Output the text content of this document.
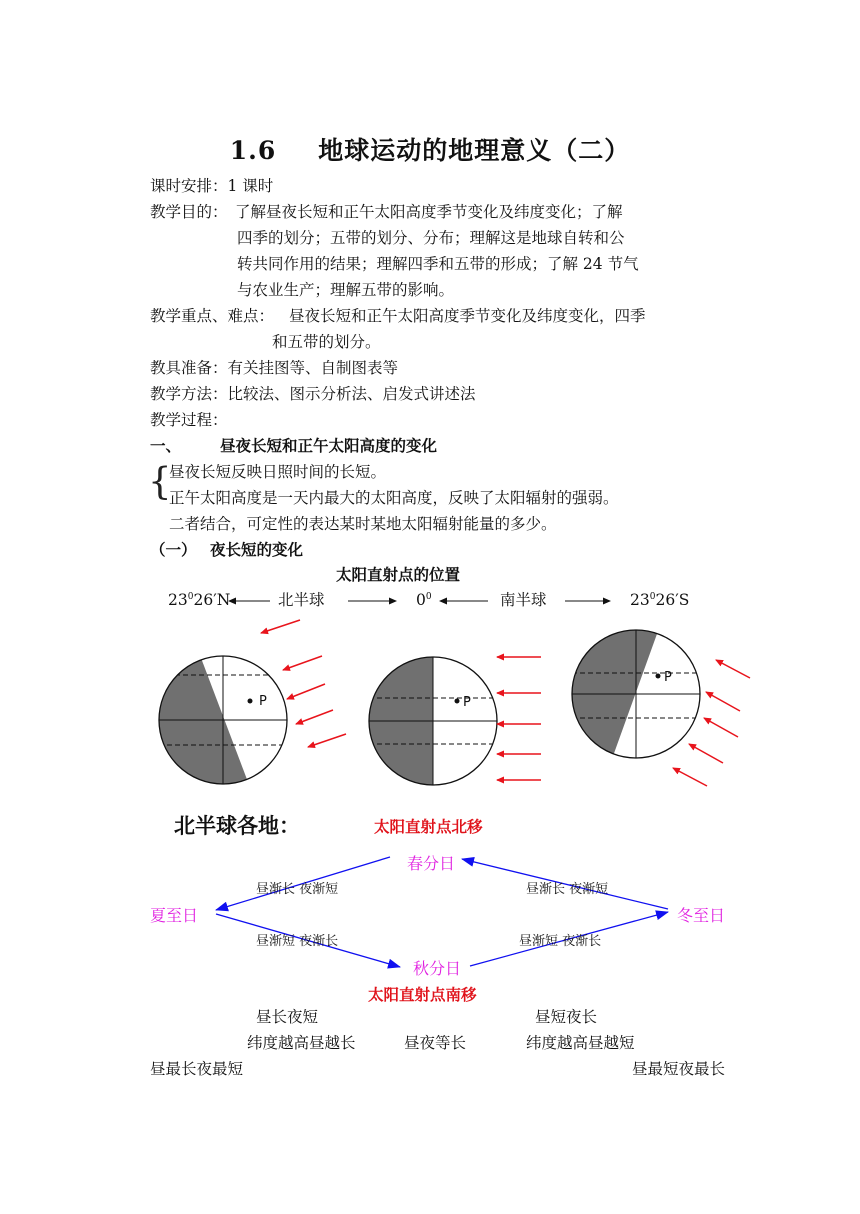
1.6 地球运动的地理意义（二）
课时安排：1 课时
教学目的： 了解昼夜长短和正午太阳高度季节变化及纬度变化；了解
四季的划分；五带的划分、分布；理解这是地球自转和公
转共同作用的结果；理解四季和五带的形成；了解 24 节气
与农业生产；理解五带的影响。
教学重点、难点： 昼夜长短和正午太阳高度季节变化及纬度变化，四季
和五带的划分。
教具准备：有关挂图等、自制图表等
教学方法：比较法、图示分析法、启发式讲述法
教学过程：
一、	昼夜长短和正午太阳高度的变化
{
昼夜长短反映日照时间的长短。
正午太阳高度是一天内最大的太阳高度，反映了太阳辐射的强弱。
二者结合，可定性的表达某时某地太阳辐射能量的多少。
（一） 夜长短的变化
太阳直射点的位置
$23^026'N$	北半球	$0^0$	南半球	$23^026'S$
P	P
P
北半球各地：	太阳直射点北移
春分日
昼渐长 夜渐短	昼渐长 夜渐短
夏至日	冬至日
昼渐短 夜渐长	昼渐短 夜渐长
秋分日
太阳直射点南移
昼长夜短	昼短夜长
纬度越高昼越长	昼夜等长	纬度越高昼越短
昼最长夜最短	昼最短夜最长
